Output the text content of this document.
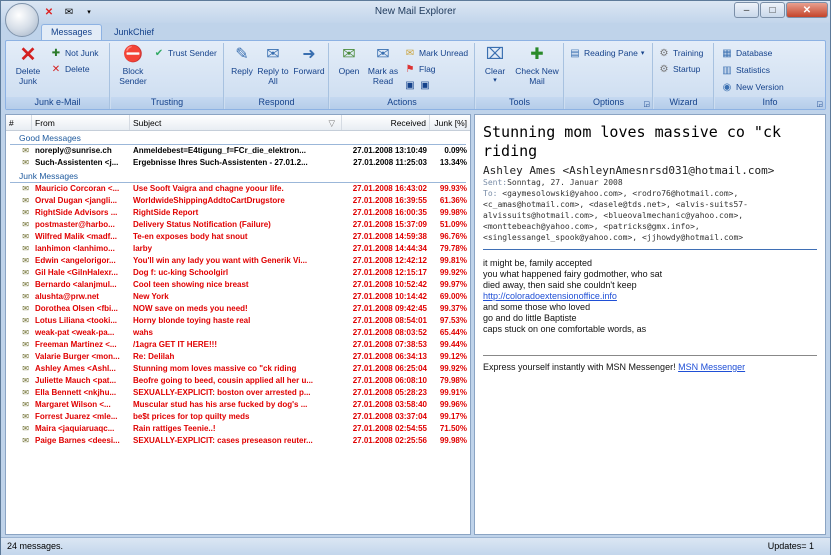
✕	✉	▾	New Mail Explorer	–	□	✕
Messages	JunkChief
✕
Delete Junk
✚ Not Junk
✕ Delete
Junk e-Mail
⛔
Block Sender
✔ Trust Sender
Trusting
✎
Reply
✉
Reply to All
➜
Forward
Respond
✉
Open
✉
Mark as Read
✉ Mark Unread
⚑ Flag
▣ ▣
Actions
⌧
Clear
▾
✚
Check New Mail
Tools
▤ Reading Pane ▾
Options	◲
⚙ Training
⚙ Startup
Wizard
▦ Database
▥ Statistics
◉ New Version
Info	◲
#	From	Subject	▽	Received Junk [%]
Good Messages
✉ noreply@sunrise.ch	Anmeldebest=E4tigung_f=FCr_die_elektron...	27.01.2008 13:10:49	0.09%
✉ Such-Assistenten <j...	Ergebnisse Ihres Such-Assistenten - 27.01.2...	27.01.2008 11:25:03	13.34%
Junk Messages
✉ Mauricio Corcoran <...	Use Sooft Vaigra and chagne yoour life.	27.01.2008 16:43:02	99.93%
✉ Orval Dugan <jangli...	WorldwideShippingAddtoCartDrugstore	27.01.2008 16:39:55	61.36%
✉ RightSide Advisors ...	RightSide Report	27.01.2008 16:00:35	99.98%
✉ postmaster@harbo...	Delivery Status Notification (Failure)	27.01.2008 15:37:09	51.09%
✉ Wilfred Malik <madf...	Te-en exposes body hat snout	27.01.2008 14:59:38	96.76%
✉ lanhimon <lanhimo...	larby	27.01.2008 14:44:34	79.78%
✉ Edwin <angelorigor...	You'll win any lady you want with Generik Vi...	27.01.2008 12:42:12	99.81%
✉ Gil Hale <GilnHalexr...	Dog f: uc-king Schoolgirl	27.01.2008 12:15:17	99.92%
✉ Bernardo <alanjmul...	Cool teen showing nice breast	27.01.2008 10:52:42	99.97%
✉ alushta@prw.net	New York	27.01.2008 10:14:42	69.00%
✉ Dorothea Olsen <fbi...	NOW save on meds you need!	27.01.2008 09:42:45	99.37%
✉ Lotus Liliana <tooki...	Horny blonde toying haste real	27.01.2008 08:54:01	97.53%
✉ weak-pat <weak-pa...	wahs	27.01.2008 08:03:52	65.44%
✉ Freeman Martinez <...	/1agra GET IT HERE!!!	27.01.2008 07:38:53	99.44%
✉ Valarie Burger <mon...	Re: Delilah	27.01.2008 06:34:13	99.12%
✉ Ashley Ames <Ashl...	Stunning mom loves massive co "ck riding	27.01.2008 06:25:04	99.92%
✉ Juliette Mauch <pat...	Beofre going to beed, cousin applied all her u...	27.01.2008 06:08:10	79.98%
✉ Ella Bennett <nkjhu...	SEXUALLY-EXPLICIT: boston over arrested p...	27.01.2008 05:28:23	99.91%
✉ Margaret Wilson <...	Muscular stud has his arse fucked by dog's ...	27.01.2008 03:58:40	99.96%
✉ Forrest Juarez <mle...	be$t prices for top quilty meds	27.01.2008 03:37:04	99.17%
✉ Maira <jaquiaruaqc...	Rain rattiges Teenie..!	27.01.2008 02:54:55	71.50%
✉ Paige Barnes <deesi...	SEXUALLY-EXPLICIT: cases preseason reuter...	27.01.2008 02:25:56	99.98%
Stunning mom loves massive co "ck riding
Ashley Ames <AshleynAmesnrsd031@hotmail.com>
Sent:Sonntag, 27. Januar 2008
To: <gaymesolowski@yahoo.com>, <rodro76@hotmail.com>, <c_amas@hotmail.com>, <dasele@tds.net>, <alvis-suits57-alvissuits@hotmail.com>, <blueovalmechanic@yahoo.com>, <monttebeach@yahoo.com>, <patricks@gmx.info>, <singlessangel_spook@yahoo.com>, <jjhowdy@hotmail.com>
it might be, family accepted
you what happened fairy godmother, who sat
died away, then said she couldn't keep
http://coloradoextensionoffice.info
and some those who loved
go and do little Baptiste
caps stuck on one comfortable words, as
Express yourself instantly with MSN Messenger! MSN Messenger
24 messages.	Updates= 1
